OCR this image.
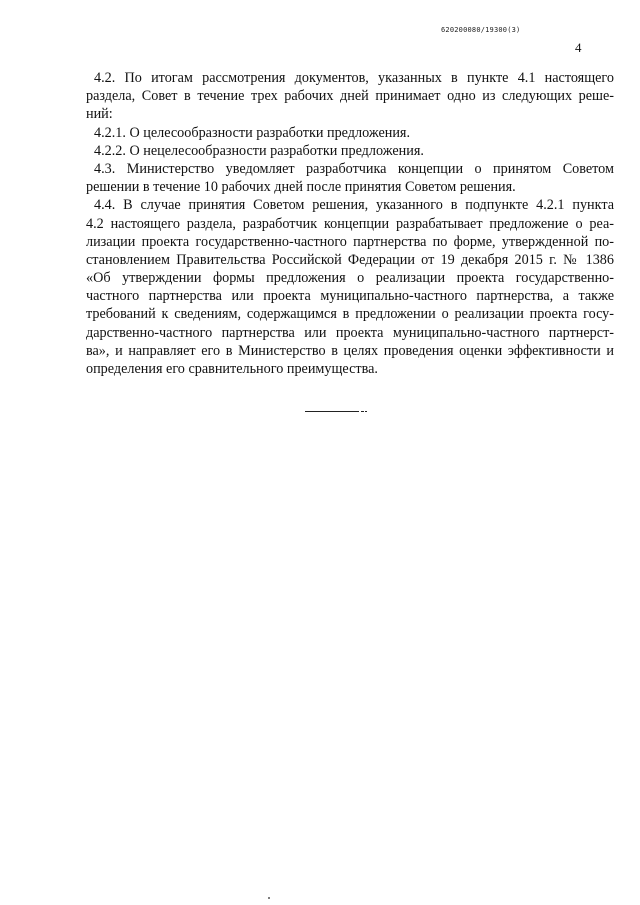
620200080/19300(3)
4
4.2. По итогам рассмотрения документов, указанных в пункте 4.1 настоящего
раздела, Совет в течение трех рабочих дней принимает одно из следующих реше-
ний:
4.2.1. О целесообразности разработки предложения.
4.2.2. О нецелесообразности разработки предложения.
4.3. Министерство уведомляет разработчика концепции о принятом Советом
решении в течение 10 рабочих дней после принятия Советом решения.
4.4. В случае принятия Советом решения, указанного в подпункте 4.2.1 пункта
4.2 настоящего раздела, разработчик концепции разрабатывает предложение о реа-
лизации проекта государственно-частного партнерства по форме, утвержденной по-
становлением Правительства Российской Федерации от 19 декабря 2015 г. № 1386
«Об утверждении формы предложения о реализации проекта государственно-
частного партнерства или проекта муниципально-частного партнерства, а также
требований к сведениям, содержащимся в предложении о реализации проекта госу-
дарственно-частного партнерства или проекта муниципально-частного партнерст-
ва», и направляет его в Министерство в целях проведения оценки эффективности и
определения его сравнительного преимущества.
